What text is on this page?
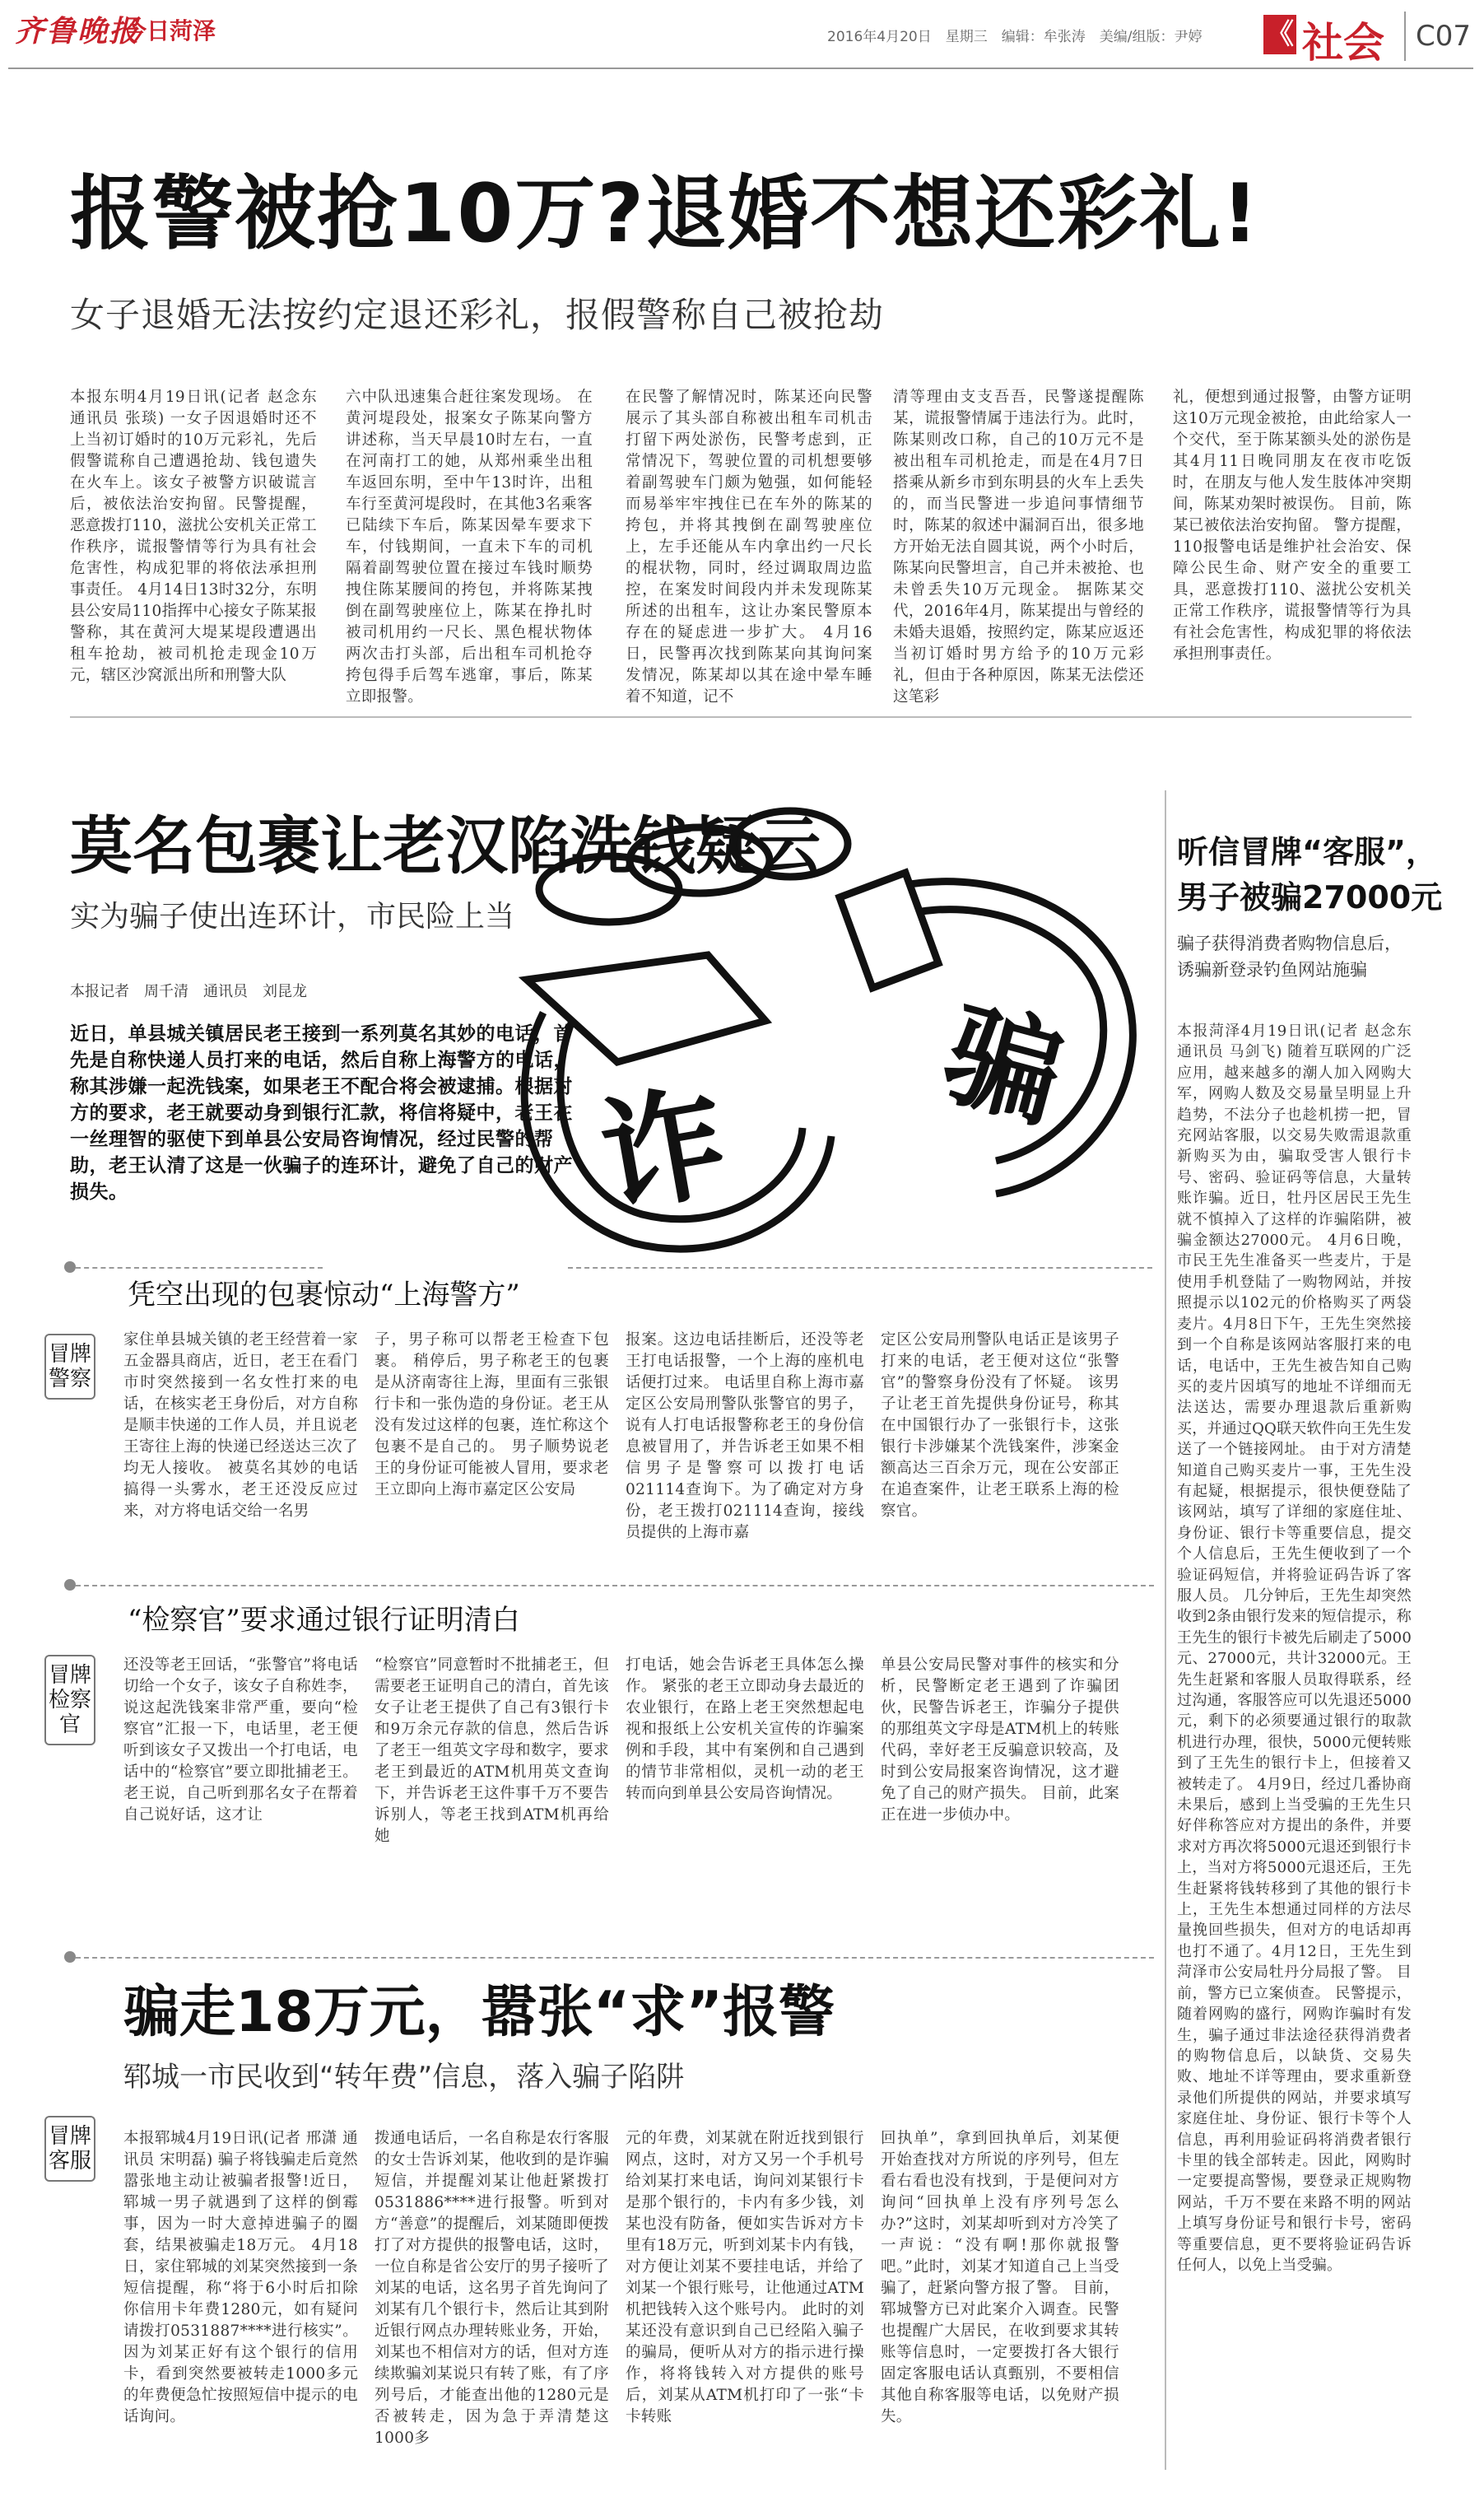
齐鲁晚报
今日菏泽	2016年4月20日　星期三　编辑：牟张涛　美编/组版：尹婷 《 社会 C07
报警被抢10万?退婚不想还彩礼!
女子退婚无法按约定退还彩礼，报假警称自己被抢劫
本报东明4月19日讯(记者 赵念东 通讯员 张琰) 一女子因退婚时还不上当初订婚时的10万元彩礼，先后假警谎称自己遭遇抢劫、钱包遗失在火车上。该女子被警方识破谎言后，被依法治安拘留。民警提醒，恶意拨打110，滋扰公安机关正常工作秩序，谎报警情等行为具有社会危害性，构成犯罪的将依法承担刑事责任。 4月14日13时32分，东明县公安局110指挥中心接女子陈某报警称，其在黄河大堤某堤段遭遇出租车抢劫，被司机抢走现金10万元，辖区沙窝派出所和刑警大队
六中队迅速集合赶往案发现场。 在黄河堤段处，报案女子陈某向警方讲述称，当天早晨10时左右，一直在河南打工的她，从郑州乘坐出租车返回东明，至中午13时许，出租车行至黄河堤段时，在其他3名乘客已陆续下车后，陈某因晕车要求下车，付钱期间，一直未下车的司机隔着副驾驶位置在接过车钱时顺势拽住陈某腰间的挎包，并将陈某拽倒在副驾驶座位上，陈某在挣扎时被司机用约一尺长、黑色棍状物体两次击打头部，后出租车司机抢夺挎包得手后驾车逃窜，事后，陈某立即报警。
在民警了解情况时，陈某还向民警展示了其头部自称被出租车司机击打留下两处淤伤，民警考虑到，正常情况下，驾驶位置的司机想要够着副驾驶车门颇为勉强，如何能轻而易举牢牢拽住已在车外的陈某的挎包，并将其拽倒在副驾驶座位上，左手还能从车内拿出约一尺长的棍状物，同时，经过调取周边监控，在案发时间段内并未发现陈某所述的出租车，这让办案民警原本存在的疑虑进一步扩大。 4月16日，民警再次找到陈某向其询问案发情况，陈某却以其在途中晕车睡着不知道，记不
清等理由支支吾吾，民警遂提醒陈某，谎报警情属于违法行为。此时，陈某则改口称，自己的10万元不是被出租车司机抢走，而是在4月7日搭乘从新乡市到东明县的火车上丢失的，而当民警进一步追问事情细节时，陈某的叙述中漏洞百出，很多地方开始无法自圆其说，两个小时后，陈某向民警坦言，自己并未被抢、也未曾丢失10万元现金。 据陈某交代，2016年4月，陈某提出与曾经的未婚夫退婚，按照约定，陈某应返还当初订婚时男方给予的10万元彩礼，但由于各种原因，陈某无法偿还这笔彩
礼，便想到通过报警，由警方证明这10万元现金被抢，由此给家人一个交代，至于陈某额头处的淤伤是其4月11日晚同朋友在夜市吃饭时，在朋友与他人发生肢体冲突期间，陈某劝架时被误伤。 目前，陈某已被依法治安拘留。 警方提醒，110报警电话是维护社会治安、保障公民生命、财产安全的重要工具，恶意拨打110、滋扰公安机关正常工作秩序，谎报警情等行为具有社会危害性，构成犯罪的将依法承担刑事责任。
莫名包裹让老汉陷洗钱疑云
实为骗子使出连环计，市民险上当
本报记者　周千清　通讯员　刘昆龙
诈
骗
近日，单县城关镇居民老王接到一系列莫名其妙的电话，首先是自称快递人员打来的电话，然后自称上海警方的电话，称其涉嫌一起洗钱案，如果老王不配合将会被逮捕。根据对方的要求，老王就要动身到银行汇款，将信将疑中，老王在一丝理智的驱使下到单县公安局咨询情况，经过民警的帮助，老王认清了这是一伙骗子的连环计，避免了自己的财产损失。
凭空出现的包裹惊动“上海警方”
冒牌警察
家住单县城关镇的老王经营着一家五金器具商店，近日，老王在看门市时突然接到一名女性打来的电话，在核实老王身份后，对方自称是顺丰快递的工作人员，并且说老王寄往上海的快递已经送达三次了均无人接收。 被莫名其妙的电话搞得一头雾水，老王还没反应过来，对方将电话交给一名男
子，男子称可以帮老王检查下包裹。 稍停后，男子称老王的包裹是从济南寄往上海，里面有三张银行卡和一张伪造的身份证。老王从没有发过这样的包裹，连忙称这个包裹不是自己的。 男子顺势说老王的身份证可能被人冒用，要求老王立即向上海市嘉定区公安局
报案。这边电话挂断后，还没等老王打电话报警，一个上海的座机电话便打过来。 电话里自称上海市嘉定区公安局刑警队张警官的男子，说有人打电话报警称老王的身份信息被冒用了，并告诉老王如果不相信男子是警察可以拨打电话021114查询下。为了确定对方身份，老王拨打021114查询，接线员提供的上海市嘉
定区公安局刑警队电话正是该男子打来的电话，老王便对这位“张警官”的警察身份没有了怀疑。 该男子让老王首先提供身份证号，称其在中国银行办了一张银行卡，这张银行卡涉嫌某个洗钱案件，涉案金额高达三百余万元，现在公安部正在追查案件，让老王联系上海的检察官。
“检察官”要求通过银行证明清白
冒牌检察官
还没等老王回话，“张警官”将电话切给一个女子，该女子自称姓李，说这起洗钱案非常严重，要向“检察官”汇报一下，电话里，老王便听到该女子又拨出一个打电话，电话中的“检察官”要立即批捕老王。 老王说，自己听到那名女子在帮着自己说好话，这才让
“检察官”同意暂时不批捕老王，但需要老王证明自己的清白，首先该女子让老王提供了自己有3银行卡和9万余元存款的信息，然后告诉了老王一组英文字母和数字，要求老王到最近的ATM机用英文查询下，并告诉老王这件事千万不要告诉别人，等老王找到ATM机再给她
打电话，她会告诉老王具体怎么操作。 紧张的老王立即动身去最近的农业银行，在路上老王突然想起电视和报纸上公安机关宣传的诈骗案例和手段，其中有案例和自己遇到的情节非常相似，灵机一动的老王转而向到单县公安局咨询情况。
单县公安局民警对事件的核实和分析，民警断定老王遇到了诈骗团伙，民警告诉老王，诈骗分子提供的那组英文字母是ATM机上的转账代码，幸好老王反骗意识较高，及时到公安局报案咨询情况，这才避免了自己的财产损失。 目前，此案正在进一步侦办中。
听信冒牌“客服”，
男子被骗27000元
骗子获得消费者购物信息后，诱骗新登录钓鱼网站施骗
本报菏泽4月19日讯(记者 赵念东 通讯员 马剑飞) 随着互联网的广泛应用，越来越多的潮人加入网购大军，网购人数及交易量呈明显上升趋势，不法分子也趁机捞一把，冒充网站客服，以交易失败需退款重新购买为由，骗取受害人银行卡号、密码、验证码等信息，大量转账诈骗。近日，牡丹区居民王先生就不慎掉入了这样的诈骗陷阱，被骗金额达27000元。 4月6日晚，市民王先生准备买一些麦片，于是使用手机登陆了一购物网站，并按照提示以102元的价格购买了两袋麦片。4月8日下午，王先生突然接到一个自称是该网站客服打来的电话，电话中，王先生被告知自己购买的麦片因填写的地址不详细而无法送达，需要办理退款后重新购买，并通过QQ联天软件向王先生发送了一个链接网址。 由于对方清楚知道自己购买麦片一事，王先生没有起疑，根据提示，很快便登陆了该网站，填写了详细的家庭住址、身份证、银行卡等重要信息，提交个人信息后，王先生便收到了一个验证码短信，并将验证码告诉了客服人员。 几分钟后，王先生却突然收到2条由银行发来的短信提示，称王先生的银行卡被先后刷走了5000元、27000元，共计32000元。王先生赶紧和客服人员取得联系，经过沟通，客服答应可以先退还5000元，剩下的必须要通过银行的取款机进行办理，很快，5000元便转账到了王先生的银行卡上，但接着又被转走了。 4月9日，经过几番协商未果后，感到上当受骗的王先生只好伴称答应对方提出的条件，并要求对方再次将5000元退还到银行卡上，当对方将5000元退还后，王先生赶紧将钱转移到了其他的银行卡上，王先生本想通过同样的方法尽量挽回些损失，但对方的电话却再也打不通了。4月12日，王先生到菏泽市公安局牡丹分局报了警。 目前，警方已立案侦查。 民警提示，随着网购的盛行，网购诈骗时有发生，骗子通过非法途径获得消费者的购物信息后，以缺货、交易失败、地址不详等理由，要求重新登录他们所提供的网站，并要求填写家庭住址、身份证、银行卡等个人信息，再利用验证码将消费者银行卡里的钱全部转走。因此，网购时一定要提高警惕，要登录正规购物网站，千万不要在来路不明的网站上填写身份证号和银行卡号，密码等重要信息，更不要将验证码告诉任何人，以免上当受骗。
骗走18万元，嚣张“求”报警
郓城一市民收到“转年费”信息，落入骗子陷阱
冒牌客服
本报郓城4月19日讯(记者 邢潇 通讯员 宋明磊) 骗子将钱骗走后竟然嚣张地主动让被骗者报警!近日，郓城一男子就遇到了这样的倒霉事，因为一时大意掉进骗子的圈套，结果被骗走18万元。 4月18日，家住郓城的刘某突然接到一条短信提醒，称“将于6小时后扣除你信用卡年费1280元，如有疑问请拨打0531887****进行核实”。因为刘某正好有这个银行的信用卡，看到突然要被转走1000多元的年费便急忙按照短信中提示的电话询问。
拨通电话后，一名自称是农行客服的女士告诉刘某，他收到的是诈骗短信，并提醒刘某让他赶紧拨打0531886****进行报警。听到对方“善意”的提醒后，刘某随即便拨打了对方提供的报警电话，这时，一位自称是省公安厅的男子接听了刘某的电话，这名男子首先询问了刘某有几个银行卡，然后让其到附近银行网点办理转账业务，开始，刘某也不相信对方的话，但对方连续欺骗刘某说只有转了账，有了序列号后，才能查出他的1280元是否被转走，因为急于弄清楚这1000多
元的年费，刘某就在附近找到银行网点，这时，对方又另一个手机号给刘某打来电话，询问刘某银行卡是那个银行的，卡内有多少钱，刘某也没有防备，便如实告诉对方卡里有18万元，听到刘某卡内有钱，对方便让刘某不要挂电话，并给了刘某一个银行账号，让他通过ATM机把钱转入这个账号内。 此时的刘某还没有意识到自己已经陷入骗子的骗局，便听从对方的指示进行操作，将将钱转入对方提供的账号后，刘某从ATM机打印了一张“卡卡转账
回执单”，拿到回执单后，刘某便开始查找对方所说的序列号，但左看右看也没有找到，于是便问对方询问“回执单上没有序列号怎么办?”这时，刘某却听到对方冷笑了一声说：“没有啊!那你就报警吧。”此时，刘某才知道自己上当受骗了，赶紧向警方报了警。 目前，郓城警方已对此案介入调查。民警也提醒广大居民，在收到要求其转账等信息时，一定要拨打各大银行固定客服电话认真甄别，不要相信其他自称客服等电话，以免财产损失。
